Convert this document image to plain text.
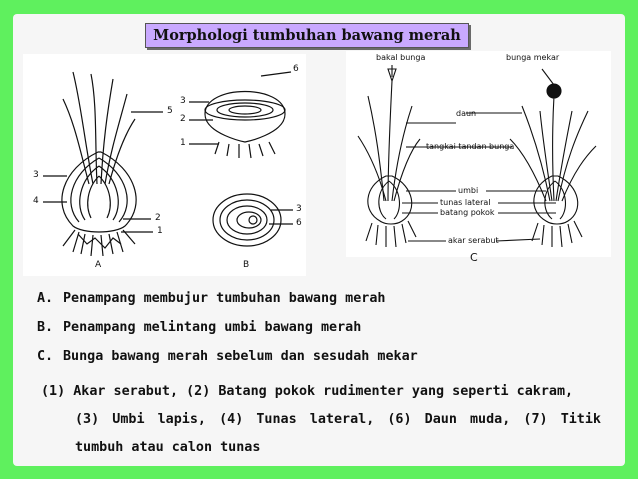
Morphologi tumbuhan bawang merah
5
3
4
2
1
6
3
2
1
3
6
A	B
bakal bunga	bunga mekar
daun
tangkai tandan bunga
umbi
tunas lateral
batang pokok
akar serabut
C
A. Penampang membujur tumbuhan bawang merah
B. Penampang melintang umbi bawang merah
C. Bunga bawang merah sebelum dan sesudah mekar
(1) Akar serabut, (2) Batang pokok rudimenter yang seperti cakram,
(3) Umbi lapis, (4) Tunas lateral, (6) Daun muda, (7) Titik
tumbuh atau calon tunas
